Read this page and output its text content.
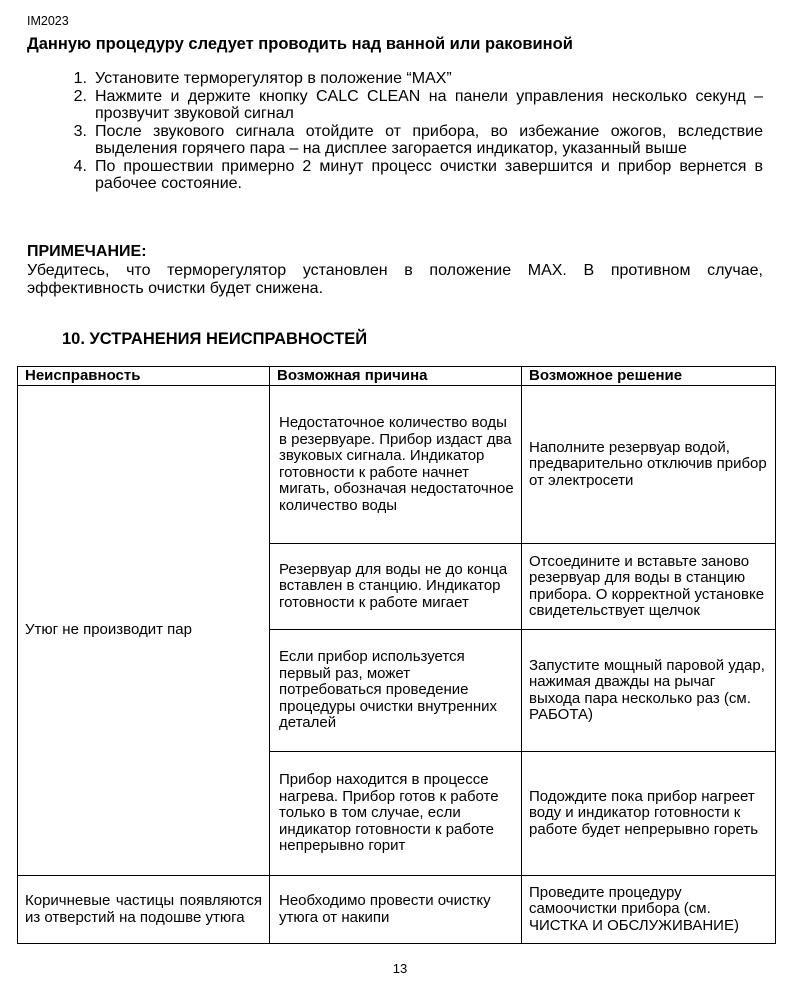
IM2023
Данную процедуру следует проводить над ванной или раковиной
1. Установите терморегулятор в положение “MAX”
2. Нажмите и держите кнопку CALC CLEAN на панели управления несколько секунд – прозвучит звуковой сигнал
3. После звукового сигнала отойдите от прибора, во избежание ожогов, вследствие выделения горячего пара – на дисплее загорается индикатор, указанный выше
4. По прошествии примерно 2 минут процесс очистки завершится и прибор вернется в рабочее состояние.
ПРИМЕЧАНИЕ:
Убедитесь, что терморегулятор установлен в положение MAX. В противном случае, эффективность очистки будет снижена.
10. УСТРАНЕНИЯ НЕИСПРАВНОСТЕЙ
Неисправность	Возможная причина	Возможное решение
Утюг не производит пар	Недостаточное количество воды в резервуаре. Прибор издаст два звуковых сигнала. Индикатор готовности к работе начнет мигать, обозначая недостаточное количество воды	Наполните резервуар водой, предварительно отключив прибор от электросети
	Резервуар для воды не до конца вставлен в станцию. Индикатор готовности к работе мигает	Отсоедините и вставьте заново резервуар для воды в станцию прибора. О корректной установке свидетельствует щелчок
	Если прибор используется первый раз, может потребоваться проведение процедуры очистки внутренних деталей	Запустите мощный паровой удар, нажимая дважды на рычаг выхода пара несколько раз (см. РАБОТА)
	Прибор находится в процессе нагрева. Прибор готов к работе только в том случае, если индикатор готовности к работе непрерывно горит	Подождите пока прибор нагреет воду и индикатор готовности к работе будет непрерывно гореть
Коричневые частицы появляются из отверстий на подошве утюга	Необходимо провести очистку утюга от накипи	Проведите процедуру самоочистки прибора (см. ЧИСТКА И ОБСЛУЖИВАНИЕ)
13
